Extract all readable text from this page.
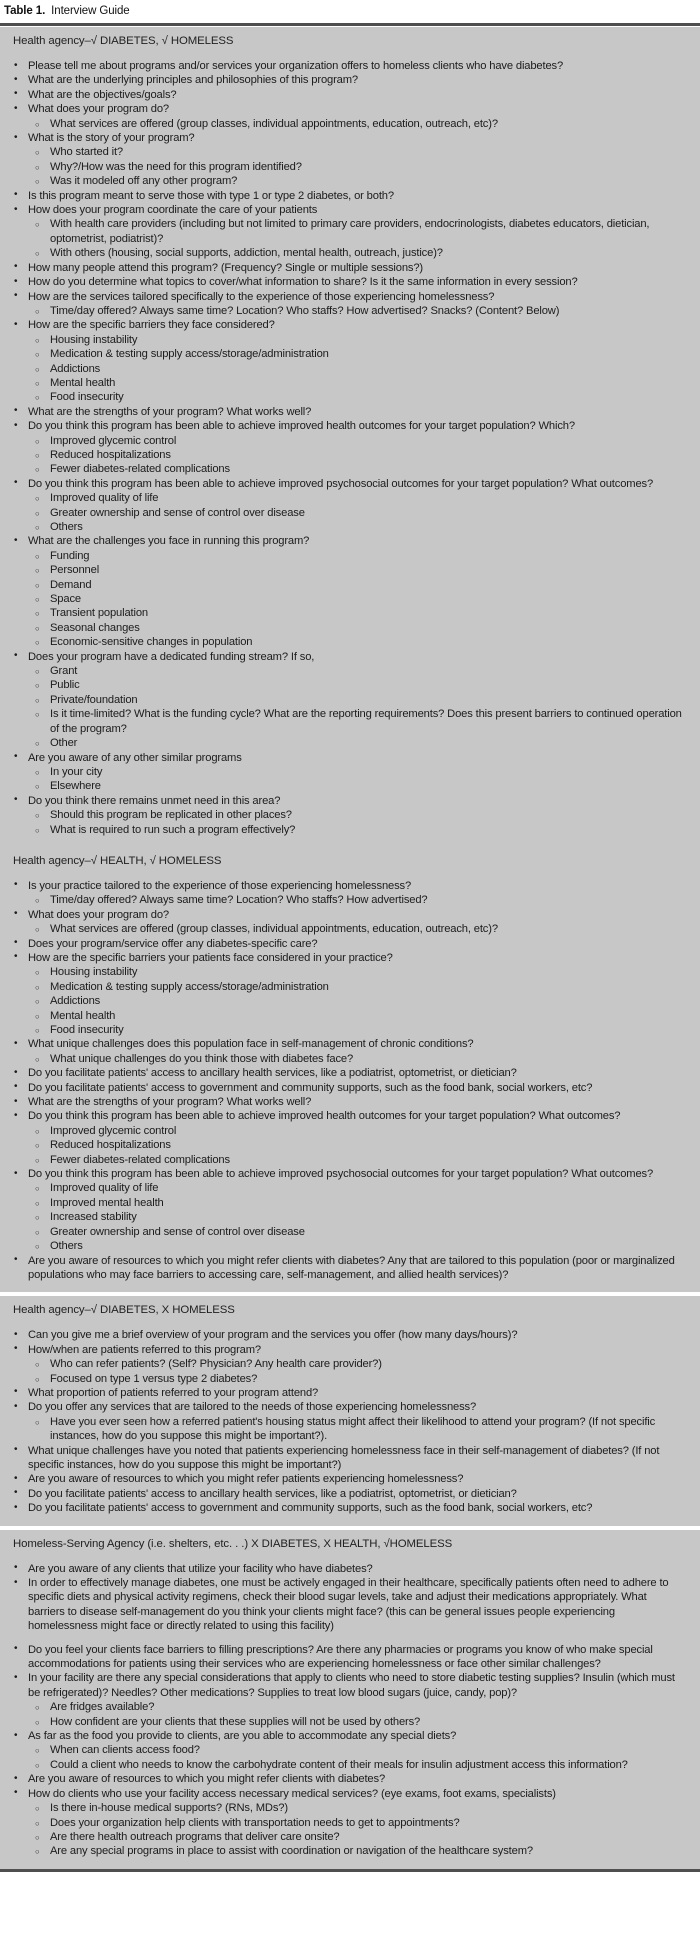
Table 1. Interview Guide
Health agency–√ DIABETES, √ HOMELESS
• Please tell me about programs and/or services your organization offers to homeless clients who have diabetes?
• What are the underlying principles and philosophies of this program?
• What are the objectives/goals?
• What does your program do?
○ What services are offered (group classes, individual appointments, education, outreach, etc)?
• What is the story of your program?
○ Who started it?
○ Why?/How was the need for this program identified?
○ Was it modeled off any other program?
• Is this program meant to serve those with type 1 or type 2 diabetes, or both?
• How does your program coordinate the care of your patients
○ With health care providers (including but not limited to primary care providers, endocrinologists, diabetes educators, dietician, optometrist, podiatrist)?
○ With others (housing, social supports, addiction, mental health, outreach, justice)?
• How many people attend this program? (Frequency? Single or multiple sessions?)
• How do you determine what topics to cover/what information to share? Is it the same information in every session?
• How are the services tailored specifically to the experience of those experiencing homelessness?
○ Time/day offered? Always same time? Location? Who staffs? How advertised? Snacks? (Content? Below)
• How are the specific barriers they face considered?
○ Housing instability
○ Medication & testing supply access/storage/administration
○ Addictions
○ Mental health
○ Food insecurity
• What are the strengths of your program? What works well?
• Do you think this program has been able to achieve improved health outcomes for your target population? Which?
○ Improved glycemic control
○ Reduced hospitalizations
○ Fewer diabetes-related complications
• Do you think this program has been able to achieve improved psychosocial outcomes for your target population? What outcomes?
○ Improved quality of life
○ Greater ownership and sense of control over disease
○ Others
• What are the challenges you face in running this program?
○ Funding
○ Personnel
○ Demand
○ Space
○ Transient population
○ Seasonal changes
○ Economic-sensitive changes in population
• Does your program have a dedicated funding stream? If so,
○ Grant
○ Public
○ Private/foundation
○ Is it time-limited? What is the funding cycle? What are the reporting requirements? Does this present barriers to continued operation of the program?
○ Other
• Are you aware of any other similar programs
○ In your city
○ Elsewhere
• Do you think there remains unmet need in this area?
○ Should this program be replicated in other places?
○ What is required to run such a program effectively?
Health agency–√ HEALTH, √ HOMELESS
• Is your practice tailored to the experience of those experiencing homelessness?
○ Time/day offered? Always same time? Location? Who staffs? How advertised?
• What does your program do?
○ What services are offered (group classes, individual appointments, education, outreach, etc)?
• Does your program/service offer any diabetes-specific care?
• How are the specific barriers your patients face considered in your practice?
○ Housing instability
○ Medication & testing supply access/storage/administration
○ Addictions
○ Mental health
○ Food insecurity
• What unique challenges does this population face in self-management of chronic conditions?
○ What unique challenges do you think those with diabetes face?
• Do you facilitate patients' access to ancillary health services, like a podiatrist, optometrist, or dietician?
• Do you facilitate patients' access to government and community supports, such as the food bank, social workers, etc?
• What are the strengths of your program? What works well?
• Do you think this program has been able to achieve improved health outcomes for your target population? What outcomes?
○ Improved glycemic control
○ Reduced hospitalizations
○ Fewer diabetes-related complications
• Do you think this program has been able to achieve improved psychosocial outcomes for your target population? What outcomes?
○ Improved quality of life
○ Improved mental health
○ Increased stability
○ Greater ownership and sense of control over disease
○ Others
• Are you aware of resources to which you might refer clients with diabetes? Any that are tailored to this population (poor or marginalized populations who may face barriers to accessing care, self-management, and allied health services)?
Health agency–√ DIABETES, X HOMELESS
• Can you give me a brief overview of your program and the services you offer (how many days/hours)?
• How/when are patients referred to this program?
○ Who can refer patients? (Self? Physician? Any health care provider?)
○ Focused on type 1 versus type 2 diabetes?
• What proportion of patients referred to your program attend?
• Do you offer any services that are tailored to the needs of those experiencing homelessness?
○ Have you ever seen how a referred patient's housing status might affect their likelihood to attend your program? (If not specific instances, how do you suppose this might be important?).
• What unique challenges have you noted that patients experiencing homelessness face in their self-management of diabetes? (If not specific instances, how do you suppose this might be important?)
• Are you aware of resources to which you might refer patients experiencing homelessness?
• Do you facilitate patients' access to ancillary health services, like a podiatrist, optometrist, or dietician?
• Do you facilitate patients' access to government and community supports, such as the food bank, social workers, etc?
Homeless-Serving Agency (i.e. shelters, etc. . .) X DIABETES, X HEALTH, √HOMELESS
• Are you aware of any clients that utilize your facility who have diabetes?
• In order to effectively manage diabetes, one must be actively engaged in their healthcare, specifically patients often need to adhere to specific diets and physical activity regimens, check their blood sugar levels, take and adjust their medications appropriately. What barriers to disease self-management do you think your clients might face? (this can be general issues people experiencing homelessness might face or directly related to using this facility)
• Do you feel your clients face barriers to filling prescriptions? Are there any pharmacies or programs you know of who make special accommodations for patients using their services who are experiencing homelessness or face other similar challenges?
• In your facility are there any special considerations that apply to clients who need to store diabetic testing supplies? Insulin (which must be refrigerated)? Needles? Other medications? Supplies to treat low blood sugars (juice, candy, pop)?
○ Are fridges available?
○ How confident are your clients that these supplies will not be used by others?
• As far as the food you provide to clients, are you able to accommodate any special diets?
○ When can clients access food?
○ Could a client who needs to know the carbohydrate content of their meals for insulin adjustment access this information?
• Are you aware of resources to which you might refer clients with diabetes?
• How do clients who use your facility access necessary medical services? (eye exams, foot exams, specialists)
○ Is there in-house medical supports? (RNs, MDs?)
○ Does your organization help clients with transportation needs to get to appointments?
○ Are there health outreach programs that deliver care onsite?
○ Are any special programs in place to assist with coordination or navigation of the healthcare system?
